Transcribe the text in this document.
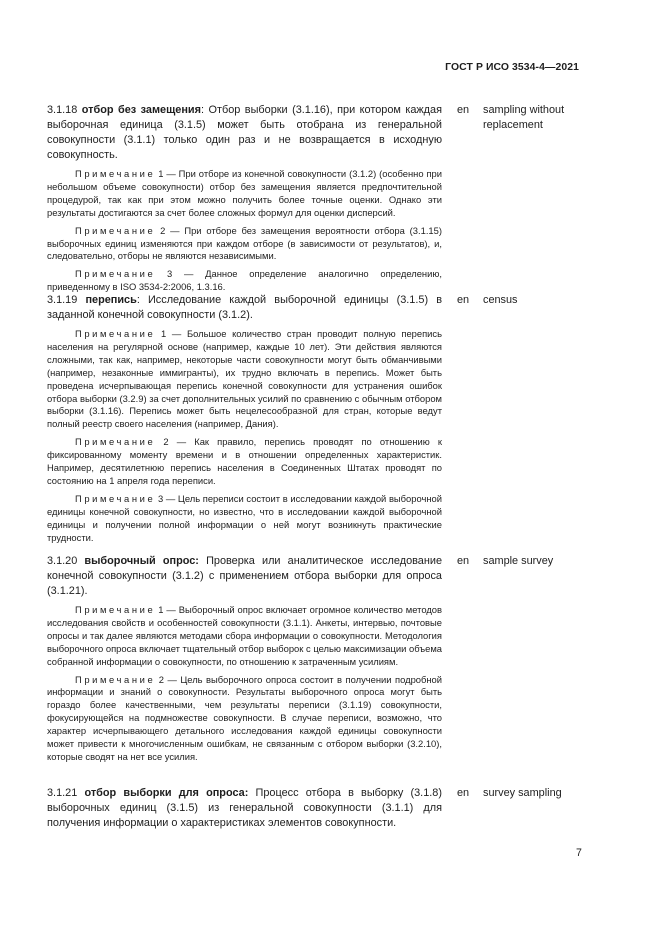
ГОСТ Р ИСО 3534-4—2021

3.1.18 отбор без замещения: Отбор выборки (3.1.16), при котором каждая выборочная единица (3.1.5) может быть отобрана из генеральной совокупности (3.1.1) только один раз и не возвращается в исходную совокупность.

en sampling without replacement

Примечание 1 — При отборе из конечной совокупности (3.1.2) (особенно при небольшом объеме совокупности) отбор без замещения является предпочтительной процедурой, так как при этом можно получить более точные оценки. Однако эти результаты достигаются за счет более сложных формул для оценки дисперсий.

Примечание 2 — При отборе без замещения вероятности отбора (3.1.15) выборочных единиц изменяются при каждом отборе (в зависимости от результатов), и, следовательно, отборы не являются независимыми.

Примечание 3 — Данное определение аналогично определению, приведенному в ISO 3534-2:2006, 1.3.16.

3.1.19 перепись: Исследование каждой выборочной единицы (3.1.5) в заданной конечной совокупности (3.1.2).

en census

Примечание 1 — Большое количество стран проводит полную перепись населения на регулярной основе (например, каждые 10 лет). Эти действия являются сложными, так как, например, некоторые части совокупности могут быть обманчивыми (например, незаконные иммигранты), их трудно включать в перепись. Может быть проведена исчерпывающая перепись конечной совокупности для устранения ошибок отбора выборки (3.2.9) за счет дополнительных усилий по сравнению с обычным отбором выборки (3.1.16). Перепись может быть нецелесообразной для стран, которые ведут полный реестр своего населения (например, Дания).

Примечание 2 — Как правило, перепись проводят по отношению к фиксированному моменту времени и в отношении определенных характеристик. Например, десятилетнюю перепись населения в Соединенных Штатах проводят по состоянию на 1 апреля года переписи.

Примечание 3 — Цель переписи состоит в исследовании каждой выборочной единицы конечной совокупности, но известно, что в исследовании каждой выборочной единицы и получении полной информации о ней могут возникнуть практические трудности.

3.1.20 выборочный опрос: Проверка или аналитическое исследование конечной совокупности (3.1.2) с применением отбора выборки для опроса (3.1.21).

en sample survey

Примечание 1 — Выборочный опрос включает огромное количество методов исследования свойств и особенностей совокупности (3.1.1). Анкеты, интервью, почтовые опросы и так далее являются методами сбора информации о совокупности. Методология выборочного опроса включает тщательный отбор выборок с целью максимизации объема собранной информации о совокупности, по отношению к затраченным усилиям.

Примечание 2 — Цель выборочного опроса состоит в получении подробной информации и знаний о совокупности. Результаты выборочного опроса могут быть гораздо более качественными, чем результаты переписи (3.1.19) совокупности, фокусирующейся на подмножестве совокупности. В случае переписи, возможно, что характер исчерпывающего детального исследования каждой единицы совокупности может привести к многочисленным ошибкам, не связанным с отбором выборки (3.2.10), которые сводят на нет все усилия.

3.1.21 отбор выборки для опроса: Процесс отбора в выборку (3.1.8) выборочных единиц (3.1.5) из генеральной совокупности (3.1.1) для получения информации о характеристиках элементов совокупности.

en survey sampling
7
